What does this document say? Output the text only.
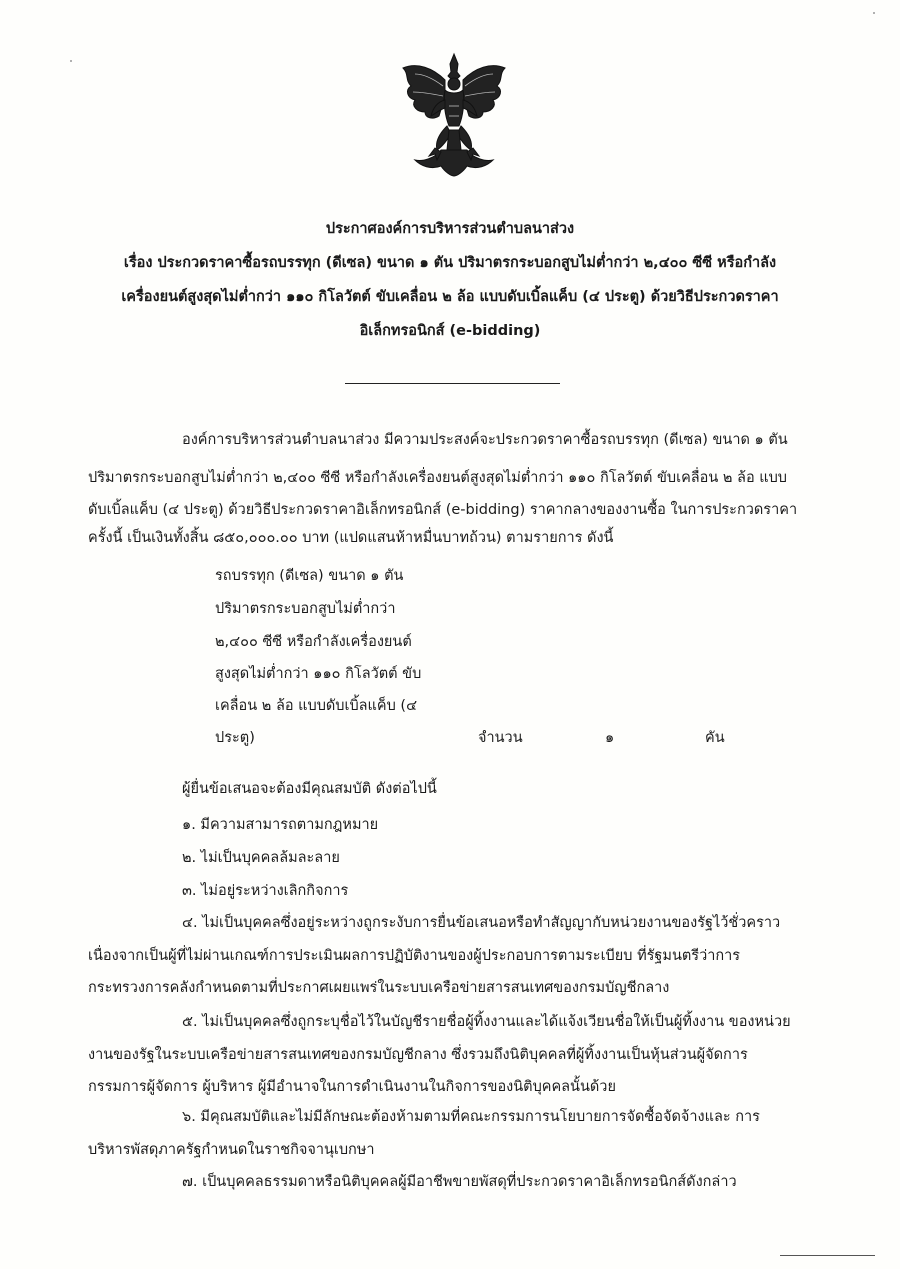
ประกาศองค์การบริหารส่วนตำบลนาส่วง
เรื่อง ประกวดราคาซื้อรถบรรทุก (ดีเซล) ขนาด ๑ ตัน ปริมาตรกระบอกสูบไม่ต่ำกว่า ๒,๔๐๐ ซีซี หรือกำลัง
เครื่องยนต์สูงสุดไม่ต่ำกว่า ๑๑๐ กิโลวัตต์ ขับเคลื่อน ๒ ล้อ แบบดับเบิ้ลแค็บ (๔ ประตู) ด้วยวิธีประกวดราคา
อิเล็กทรอนิกส์ (e-bidding)
องค์การบริหารส่วนตำบลนาส่วง มีความประสงค์จะประกวดราคาซื้อรถบรรทุก (ดีเซล) ขนาด ๑ ตัน
ปริมาตรกระบอกสูบไม่ต่ำกว่า ๒,๔๐๐ ซีซี หรือกำลังเครื่องยนต์สูงสุดไม่ต่ำกว่า ๑๑๐ กิโลวัตต์ ขับเคลื่อน ๒ ล้อ แบบ
ดับเบิ้ลแค็บ (๔ ประตู) ด้วยวิธีประกวดราคาอิเล็กทรอนิกส์ (e-bidding) ราคากลางของงานซื้อ ในการประกวดราคา
ครั้งนี้ เป็นเงินทั้งสิ้น ๘๕๐,๐๐๐.๐๐ บาท (แปดแสนห้าหมื่นบาทถ้วน) ตามรายการ ดังนี้
รถบรรทุก (ดีเซล) ขนาด ๑ ตัน
ปริมาตรกระบอกสูบไม่ต่ำกว่า
๒,๔๐๐ ซีซี หรือกำลังเครื่องยนต์
สูงสุดไม่ต่ำกว่า ๑๑๐ กิโลวัตต์ ขับ
เคลื่อน ๒ ล้อ แบบดับเบิ้ลแค็บ (๔
ประตู)	จำนวน	๑	คัน
ผู้ยื่นข้อเสนอจะต้องมีคุณสมบัติ ดังต่อไปนี้
๑. มีความสามารถตามกฎหมาย
๒. ไม่เป็นบุคคลล้มละลาย
๓. ไม่อยู่ระหว่างเลิกกิจการ
๔. ไม่เป็นบุคคลซึ่งอยู่ระหว่างถูกระงับการยื่นข้อเสนอหรือทำสัญญากับหน่วยงานของรัฐไว้ชั่วคราว
เนื่องจากเป็นผู้ที่ไม่ผ่านเกณฑ์การประเมินผลการปฏิบัติงานของผู้ประกอบการตามระเบียบ ที่รัฐมนตรีว่าการ
กระทรวงการคลังกำหนดตามที่ประกาศเผยแพร่ในระบบเครือข่ายสารสนเทศของกรมบัญชีกลาง
๕. ไม่เป็นบุคคลซึ่งถูกระบุชื่อไว้ในบัญชีรายชื่อผู้ทิ้งงานและได้แจ้งเวียนชื่อให้เป็นผู้ทิ้งงาน ของหน่วย
งานของรัฐในระบบเครือข่ายสารสนเทศของกรมบัญชีกลาง ซึ่งรวมถึงนิติบุคคลที่ผู้ทิ้งงานเป็นหุ้นส่วนผู้จัดการ
กรรมการผู้จัดการ ผู้บริหาร ผู้มีอำนาจในการดำเนินงานในกิจการของนิติบุคคลนั้นด้วย
๖. มีคุณสมบัติและไม่มีลักษณะต้องห้ามตามที่คณะกรรมการนโยบายการจัดซื้อจัดจ้างและ การ
บริหารพัสดุภาครัฐกำหนดในราชกิจจานุเบกษา
๗. เป็นบุคคลธรรมดาหรือนิติบุคคลผู้มีอาชีพขายพัสดุที่ประกวดราคาอิเล็กทรอนิกส์ดังกล่าว
